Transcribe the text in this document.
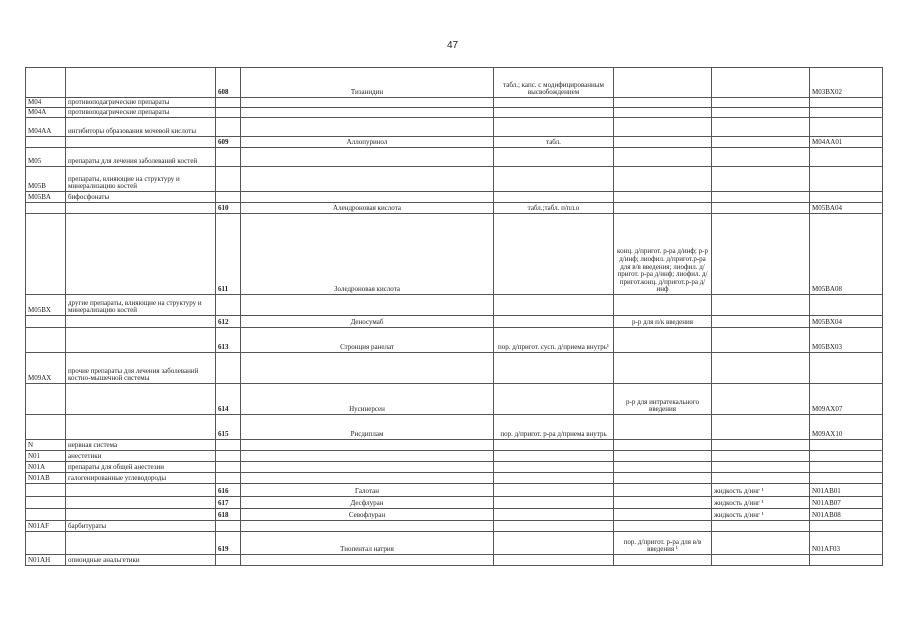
47
		608	Тизанидин	табл.; капс. с модифицированным высвобождением			M03BX02
M04	противоподагрические препараты						
M04A	противоподагрические препараты						
M04AA	ингибиторы образования мочевой кислоты						
		609	Аллопуринол	табл.			M04AA01
M05	препараты для лечения заболеваний костей						
M05B	препараты, влияющие на структуру и минерализацию костей						
M05BA	бифосфонаты						
		610	Алендроновая кислота	табл.;табл. п/пл.о			M05BA04
		611	Золедроновая кислота		конц. д/пригот. р-ра д/инф; р-р д/инф; лиофил. д/пригот.р-ра для в/в введения; лиофил. д/пригот. р-ра д/инф; лиофил. д/пригот.конц. д/пригот.р-ра д/инф		M05BA08
M05BX	другие препараты, влияющие на структуру и минерализацию костей						
		612	Деносумаб		р-р для п/к введения		M05BX04
		613	Стронция ранелат	пор. д/пригот. сусп. д/приема внутрь¹			M05BX03
M09AX	прочие препараты для лечения заболеваний костно-мышечной системы						
		614	Нусинерсен		р-р для интратекального введения		M09AX07
		615	Рисдиплам	пор. д/пригот. р-ра д/приема внутрь			M09AX10
N	нервная система						
N01	анестетики						
N01A	препараты для общей анестезии						
N01AB	галогенированные углеводороды						
		616	Галотан			жидкость д/инг ¹	N01AB01
		617	Десфлуран			жидкость д/инг ¹	N01AB07
		618	Севофлуран			жидкость д/инг ¹	N01AB08
N01AF	барбитураты						
		619	Тиопентал натрия		пор. д/пригот. р-ра для в/в введения ¹		N01AF03
N01AH	опиоидные анальгетики						
